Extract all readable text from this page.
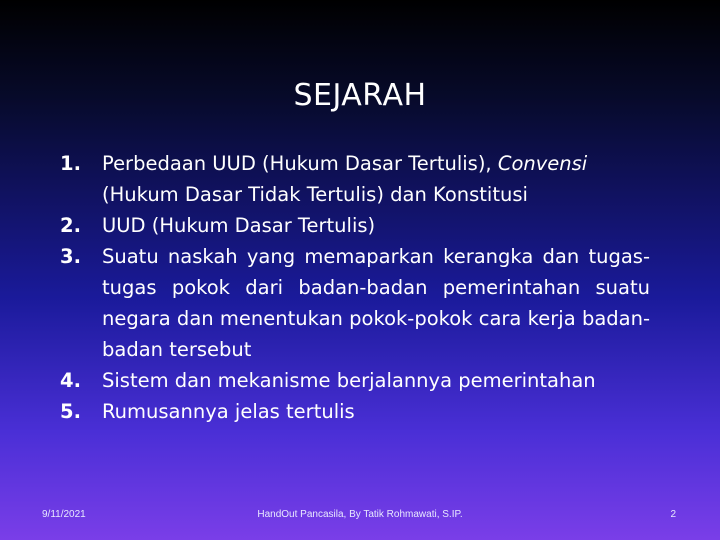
SEJARAH
1. Perbedaan UUD (Hukum Dasar Tertulis), Convensi (Hukum Dasar Tidak Tertulis) dan Konstitusi
2. UUD (Hukum Dasar Tertulis)
3. Suatu naskah yang memaparkan kerangka dan tugas-tugas pokok dari badan-badan pemerintahan suatu negara dan menentukan pokok-pokok cara kerja badan-badan tersebut
4. Sistem dan mekanisme berjalannya pemerintahan
5. Rumusannya jelas tertulis
9/11/2021	HandOut Pancasila, By Tatik Rohmawati, S.IP.	2
